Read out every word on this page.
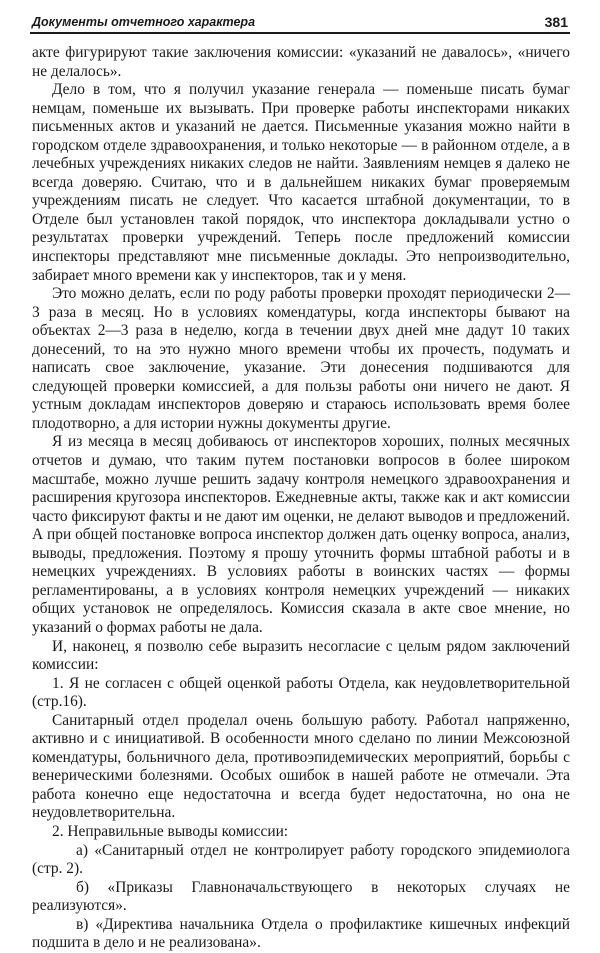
Документы отчетного характера	381

акте фигурируют такие заключения комиссии: «указаний не давалось», «ничего не делалось».

Дело в том, что я получил указание генерала — поменьше писать бумаг немцам, поменьше их вызывать. При проверке работы инспекторами никаких письменных актов и указаний не дается. Письменные указания можно найти в городском отделе здравоохранения, и только некоторые — в районном отделе, а в лечебных учреждениях никаких следов не найти. Заявлениям немцев я далеко не всегда доверяю. Считаю, что и в дальнейшем никаких бумаг проверяемым учреждениям писать не следует. Что касается штабной документации, то в Отделе был установлен такой порядок, что инспектора докладывали устно о результатах проверки учреждений. Теперь после предложений комиссии инспекторы представляют мне письменные доклады. Это непроизводительно, забирает много времени как у инспекторов, так и у меня.

Это можно делать, если по роду работы проверки проходят периодически 2—3 раза в месяц. Но в условиях комендатуры, когда инспекторы бывают на объектах 2—3 раза в неделю, когда в течении двух дней мне дадут 10 таких донесений, то на это нужно много времени чтобы их прочесть, подумать и написать свое заключение, указание. Эти донесения подшиваются для следующей проверки комиссией, а для пользы работы они ничего не дают. Я устным докладам инспекторов доверяю и стараюсь использовать время более плодотворно, а для истории нужны документы другие.

Я из месяца в месяц добиваюсь от инспекторов хороших, полных месячных отчетов и думаю, что таким путем постановки вопросов в более широком масштабе, можно лучше решить задачу контроля немецкого здравоохранения и расширения кругозора инспекторов. Ежедневные акты, также как и акт комиссии часто фиксируют факты и не дают им оценки, не делают выводов и предложений. А при общей постановке вопроса инспектор должен дать оценку вопроса, анализ, выводы, предложения. Поэтому я прошу уточнить формы штабной работы и в немецких учреждениях. В условиях работы в воинских частях — формы регламентированы, а в условиях контроля немецких учреждений — никаких общих установок не определялось. Комиссия сказала в акте свое мнение, но указаний о формах работы не дала.

И, наконец, я позволю себе выразить несогласие с целым рядом заключений комиссии:

1. Я не согласен с общей оценкой работы Отдела, как неудовлетворительной (стр.16).

Санитарный отдел проделал очень большую работу. Работал напряженно, активно и с инициативой. В особенности много сделано по линии Межсоюзной комендатуры, больничного дела, противоэпидемических мероприятий, борьбы с венерическими болезнями. Особых ошибок в нашей работе не отмечали. Эта работа конечно еще недостаточна и всегда будет недостаточна, но она не неудовлетворительна.

2. Неправильные выводы комиссии:

а) «Санитарный отдел не контролирует работу городского эпидемиолога (стр. 2).

б) «Приказы Главноначальствующего в некоторых случаях не реализуются».

в) «Директива начальника Отдела о профилактике кишечных инфекций подшита в дело и не реализована».
